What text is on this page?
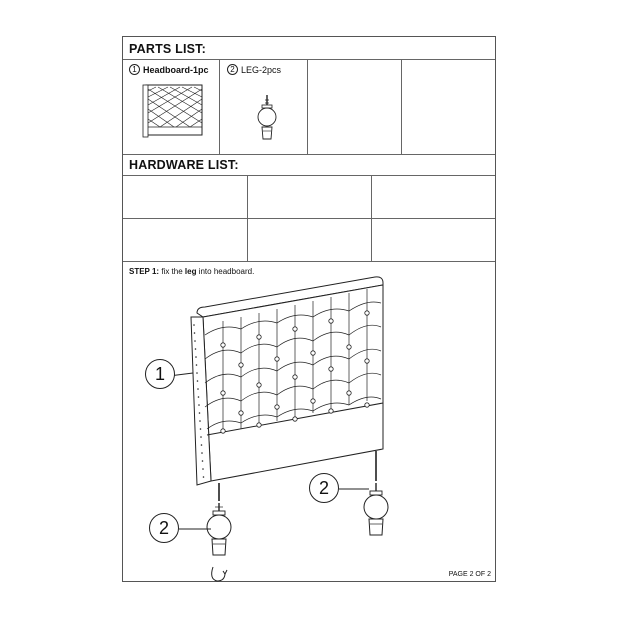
PARTS LIST:
1 Headboard-1pc	2 LEG-2pcs
HARDWARE LIST:
STEP 1: fix the leg into headboard.
1
2
2
PAGE 2 OF 2
